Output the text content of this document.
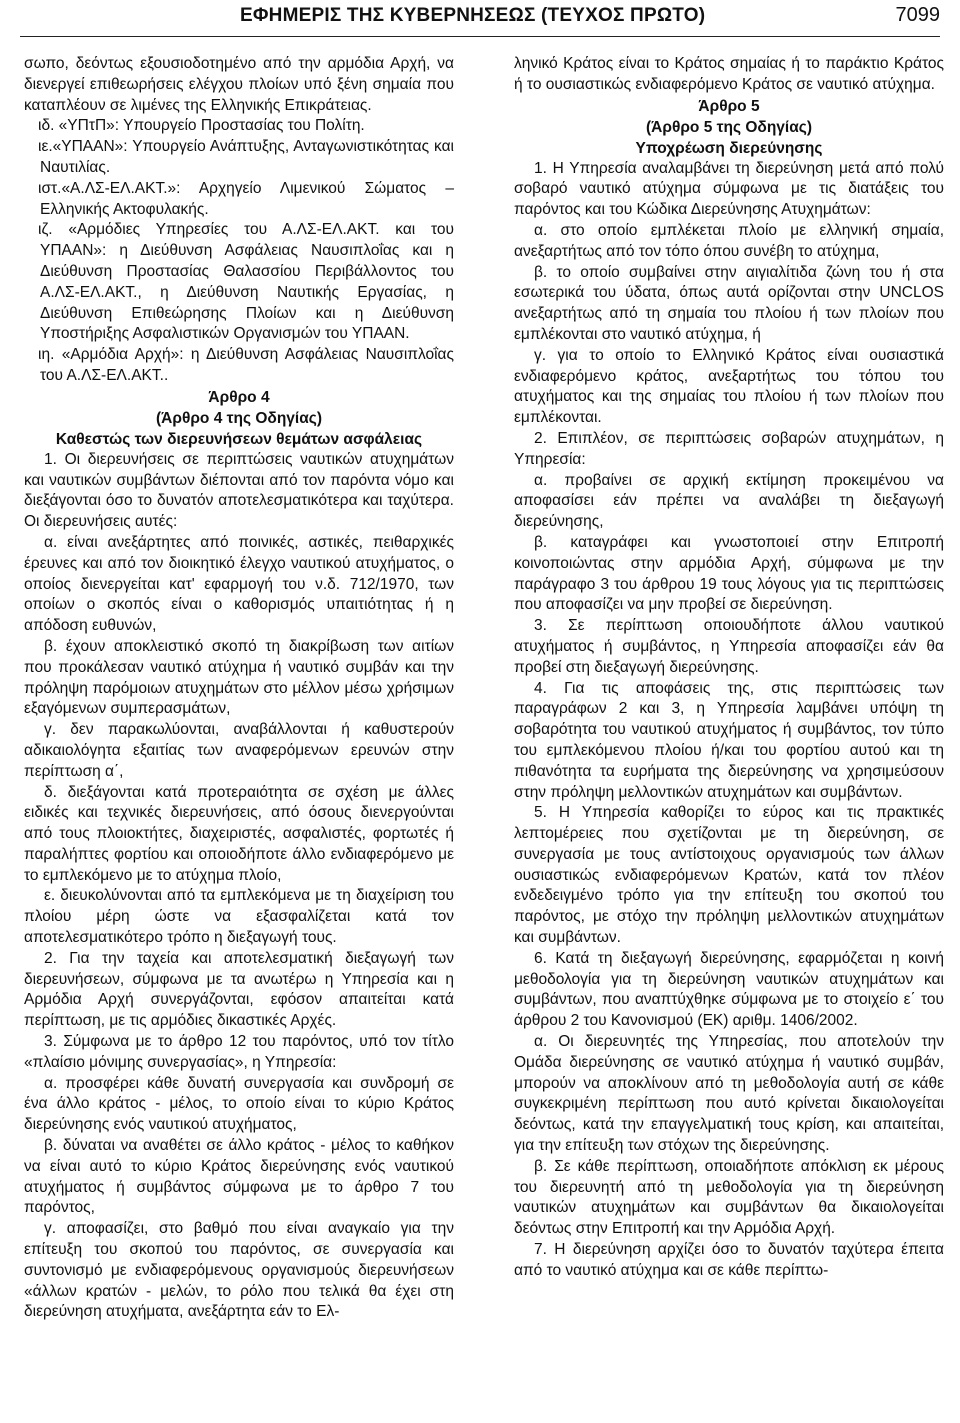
ΕΦΗΜΕΡΙΣ ΤΗΣ ΚΥΒΕΡΝΗΣΕΩΣ (ΤΕΥΧΟΣ ΠΡΩΤΟ)	7099

σωπο, δεόντως εξουσιοδοτημένο από την αρμόδια Αρχή, να διενεργεί επιθεωρήσεις ελέγχου πλοίων υπό ξένη σημαία που καταπλέουν σε λιμένες της Ελληνικής Επικράτειας.

ιδ. «ΥΠτΠ»: Υπουργείο Προστασίας του Πολίτη.

ιε.«ΥΠΑΑΝ»: Υπουργείο Ανάπτυξης, Ανταγωνιστικότητας και Ναυτιλίας.

ιστ.«Α.ΛΣ-ΕΛ.ΑΚΤ.»: Αρχηγείο Λιμενικού Σώματος – Ελληνικής Ακτοφυλακής.

ιζ. «Αρμόδιες Υπηρεσίες του Α.ΛΣ-ΕΛ.ΑΚΤ. και του ΥΠΑΑΝ»: η Διεύθυνση Ασφάλειας Ναυσιπλοΐας και η Διεύθυνση Προστασίας Θαλασσίου Περιβάλλοντος του Α.ΛΣ-ΕΛ.ΑΚΤ., η Διεύθυνση Ναυτικής Εργασίας, η Διεύθυνση Επιθεώρησης Πλοίων και η Διεύθυνση Υποστήριξης Ασφαλιστικών Οργανισμών του ΥΠΑΑΝ.

ιη. «Αρμόδια Αρχή»: η Διεύθυνση Ασφάλειας Ναυσιπλοΐας του Α.ΛΣ-ΕΛ.ΑΚΤ..

Άρθρο 4

(Άρθρο 4 της Οδηγίας)

Καθεστώς των διερευνήσεων θεμάτων ασφάλειας

1. Οι διερευνήσεις σε περιπτώσεις ναυτικών ατυχημάτων και ναυτικών συμβάντων διέπονται από τον παρόντα νόμο και διεξάγονται όσο το δυνατόν αποτελεσματικότερα και ταχύτερα. Οι διερευνήσεις αυτές:

α. είναι ανεξάρτητες από ποινικές, αστικές, πειθαρχικές έρευνες και από τον διοικητικό έλεγχο ναυτικού ατυχήματος, ο οποίος διενεργείται κατ' εφαρμογή του ν.δ. 712/1970, των οποίων ο σκοπός είναι ο καθορισμός υπαιτιότητας ή η απόδοση ευθυνών,

β. έχουν αποκλειστικό σκοπό τη διακρίβωση των αιτίων που προκάλεσαν ναυτικό ατύχημα ή ναυτικό συμβάν και την πρόληψη παρόμοιων ατυχημάτων στο μέλλον μέσω χρήσιμων εξαγόμενων συμπερασμάτων,

γ. δεν παρακωλύονται, αναβάλλονται ή καθυστερούν αδικαιολόγητα εξαιτίας των αναφερόμενων ερευνών στην περίπτωση α΄,

δ. διεξάγονται κατά προτεραιότητα σε σχέση με άλλες ειδικές και τεχνικές διερευνήσεις, από όσους διενεργούνται από τους πλοιοκτήτες, διαχειριστές, ασφαλιστές, φορτωτές ή παραλήπτες φορτίου και οποιοδήποτε άλλο ενδιαφερόμενο με το εμπλεκόμενο με το ατύχημα πλοίο,

ε. διευκολύνονται από τα εμπλεκόμενα με τη διαχείριση του πλοίου μέρη ώστε να εξασφαλίζεται κατά τον αποτελεσματικότερο τρόπο η διεξαγωγή τους.

2. Για την ταχεία και αποτελεσματική διεξαγωγή των διερευνήσεων, σύμφωνα με τα ανωτέρω η Υπηρεσία και η Αρμόδια Αρχή συνεργάζονται, εφόσον απαιτείται κατά περίπτωση, με τις αρμόδιες δικαστικές Αρχές.

3. Σύμφωνα με το άρθρο 12 του παρόντος, υπό τον τίτλο «πλαίσιο μόνιμης συνεργασίας», η Υπηρεσία:

α. προσφέρει κάθε δυνατή συνεργασία και συνδρομή σε ένα άλλο κράτος - μέλος, το οποίο είναι το κύριο Κράτος διερεύνησης ενός ναυτικού ατυχήματος,

β. δύναται να αναθέτει σε άλλο κράτος - μέλος το καθήκον να είναι αυτό το κύριο Κράτος διερεύνησης ενός ναυτικού ατυχήματος ή συμβάντος σύμφωνα με το άρθρο 7 του παρόντος,

γ. αποφασίζει, στο βαθμό που είναι αναγκαίο για την επίτευξη του σκοπού του παρόντος, σε συνεργασία και συντονισμό με ενδιαφερόμενους οργανισμούς διερευνήσεων «άλλων κρατών - μελών, το ρόλο που τελικά θα έχει στη διερεύνηση ατυχήματα, ανεξάρτητα εάν το Ελ-

ληνικό Κράτος είναι το Κράτος σημαίας ή το παράκτιο Κράτος ή το ουσιαστικώς ενδιαφερόμενο Κράτος σε ναυτικό ατύχημα.

Άρθρο 5

(Άρθρο 5 της Οδηγίας)

Υποχρέωση διερεύνησης

1. Η Υπηρεσία αναλαμβάνει τη διερεύνηση μετά από πολύ σοβαρό ναυτικό ατύχημα σύμφωνα με τις διατάξεις του παρόντος και του Κώδικα Διερεύνησης Ατυχημάτων:

α. στο οποίο εμπλέκεται πλοίο με ελληνική σημαία, ανεξαρτήτως από τον τόπο όπου συνέβη το ατύχημα,

β. το οποίο συμβαίνει στην αιγιαλίτιδα ζώνη του ή στα εσωτερικά του ύδατα, όπως αυτά ορίζονται στην UNCLOS ανεξαρτήτως από τη σημαία του πλοίου ή των πλοίων που εμπλέκονται στο ναυτικό ατύχημα, ή

γ. για το οποίο το Ελληνικό Κράτος είναι ουσιαστικά ενδιαφερόμενο κράτος, ανεξαρτήτως του τόπου του ατυχήματος και της σημαίας του πλοίου ή των πλοίων που εμπλέκονται.

2. Επιπλέον, σε περιπτώσεις σοβαρών ατυχημάτων, η Υπηρεσία:

α. προβαίνει σε αρχική εκτίμηση προκειμένου να αποφασίσει εάν πρέπει να αναλάβει τη διεξαγωγή διερεύνησης,

β. καταγράφει και γνωστοποιεί στην Επιτροπή κοινοποιώντας στην αρμόδια Αρχή, σύμφωνα με την παράγραφο 3 του άρθρου 19 τους λόγους για τις περιπτώσεις που αποφασίζει να μην προβεί σε διερεύνηση.

3. Σε περίπτωση οποιουδήποτε άλλου ναυτικού ατυχήματος ή συμβάντος, η Υπηρεσία αποφασίζει εάν θα προβεί στη διεξαγωγή διερεύνησης.

4. Για τις αποφάσεις της, στις περιπτώσεις των παραγράφων 2 και 3, η Υπηρεσία λαμβάνει υπόψη τη σοβαρότητα του ναυτικού ατυχήματος ή συμβάντος, τον τύπο του εμπλεκόμενου πλοίου ή/και του φορτίου αυτού και τη πιθανότητα τα ευρήματα της διερεύνησης να χρησιμεύσουν στην πρόληψη μελλοντικών ατυχημάτων και συμβάντων.

5. Η Υπηρεσία καθορίζει το εύρος και τις πρακτικές λεπτομέρειες που σχετίζονται με τη διερεύνηση, σε συνεργασία με τους αντίστοιχους οργανισμούς των άλλων ουσιαστικώς ενδιαφερόμενων Κρατών, κατά τον πλέον ενδεδειγμένο τρόπο για την επίτευξη του σκοπού του παρόντος, με στόχο την πρόληψη μελλοντικών ατυχημάτων και συμβάντων.

6. Κατά τη διεξαγωγή διερεύνησης, εφαρμόζεται η κοινή μεθοδολογία για τη διερεύνηση ναυτικών ατυχημάτων και συμβάντων, που αναπτύχθηκε σύμφωνα με το στοιχείο ε΄ του άρθρου 2 του Κανονισμού (ΕΚ) αριθμ. 1406/2002.

α. Οι διερευνητές της Υπηρεσίας, που αποτελούν την Ομάδα διερεύνησης σε ναυτικό ατύχημα ή ναυτικό συμβάν, μπορούν να αποκλίνουν από τη μεθοδολογία αυτή σε κάθε συγκεκριμένη περίπτωση που αυτό κρίνεται δικαιολογείται δεόντως, κατά την επαγγελματική τους κρίση, και απαιτείται, για την επίτευξη των στόχων της διερεύνησης.

β. Σε κάθε περίπτωση, οποιαδήποτε απόκλιση εκ μέρους του διερευνητή από τη μεθοδολογία για τη διερεύνηση ναυτικών ατυχημάτων και συμβάντων θα δικαιολογείται δεόντως στην Επιτροπή και την Αρμόδια Αρχή.

7. Η διερεύνηση αρχίζει όσο το δυνατόν ταχύτερα έπειτα από το ναυτικό ατύχημα και σε κάθε περίπτω-
